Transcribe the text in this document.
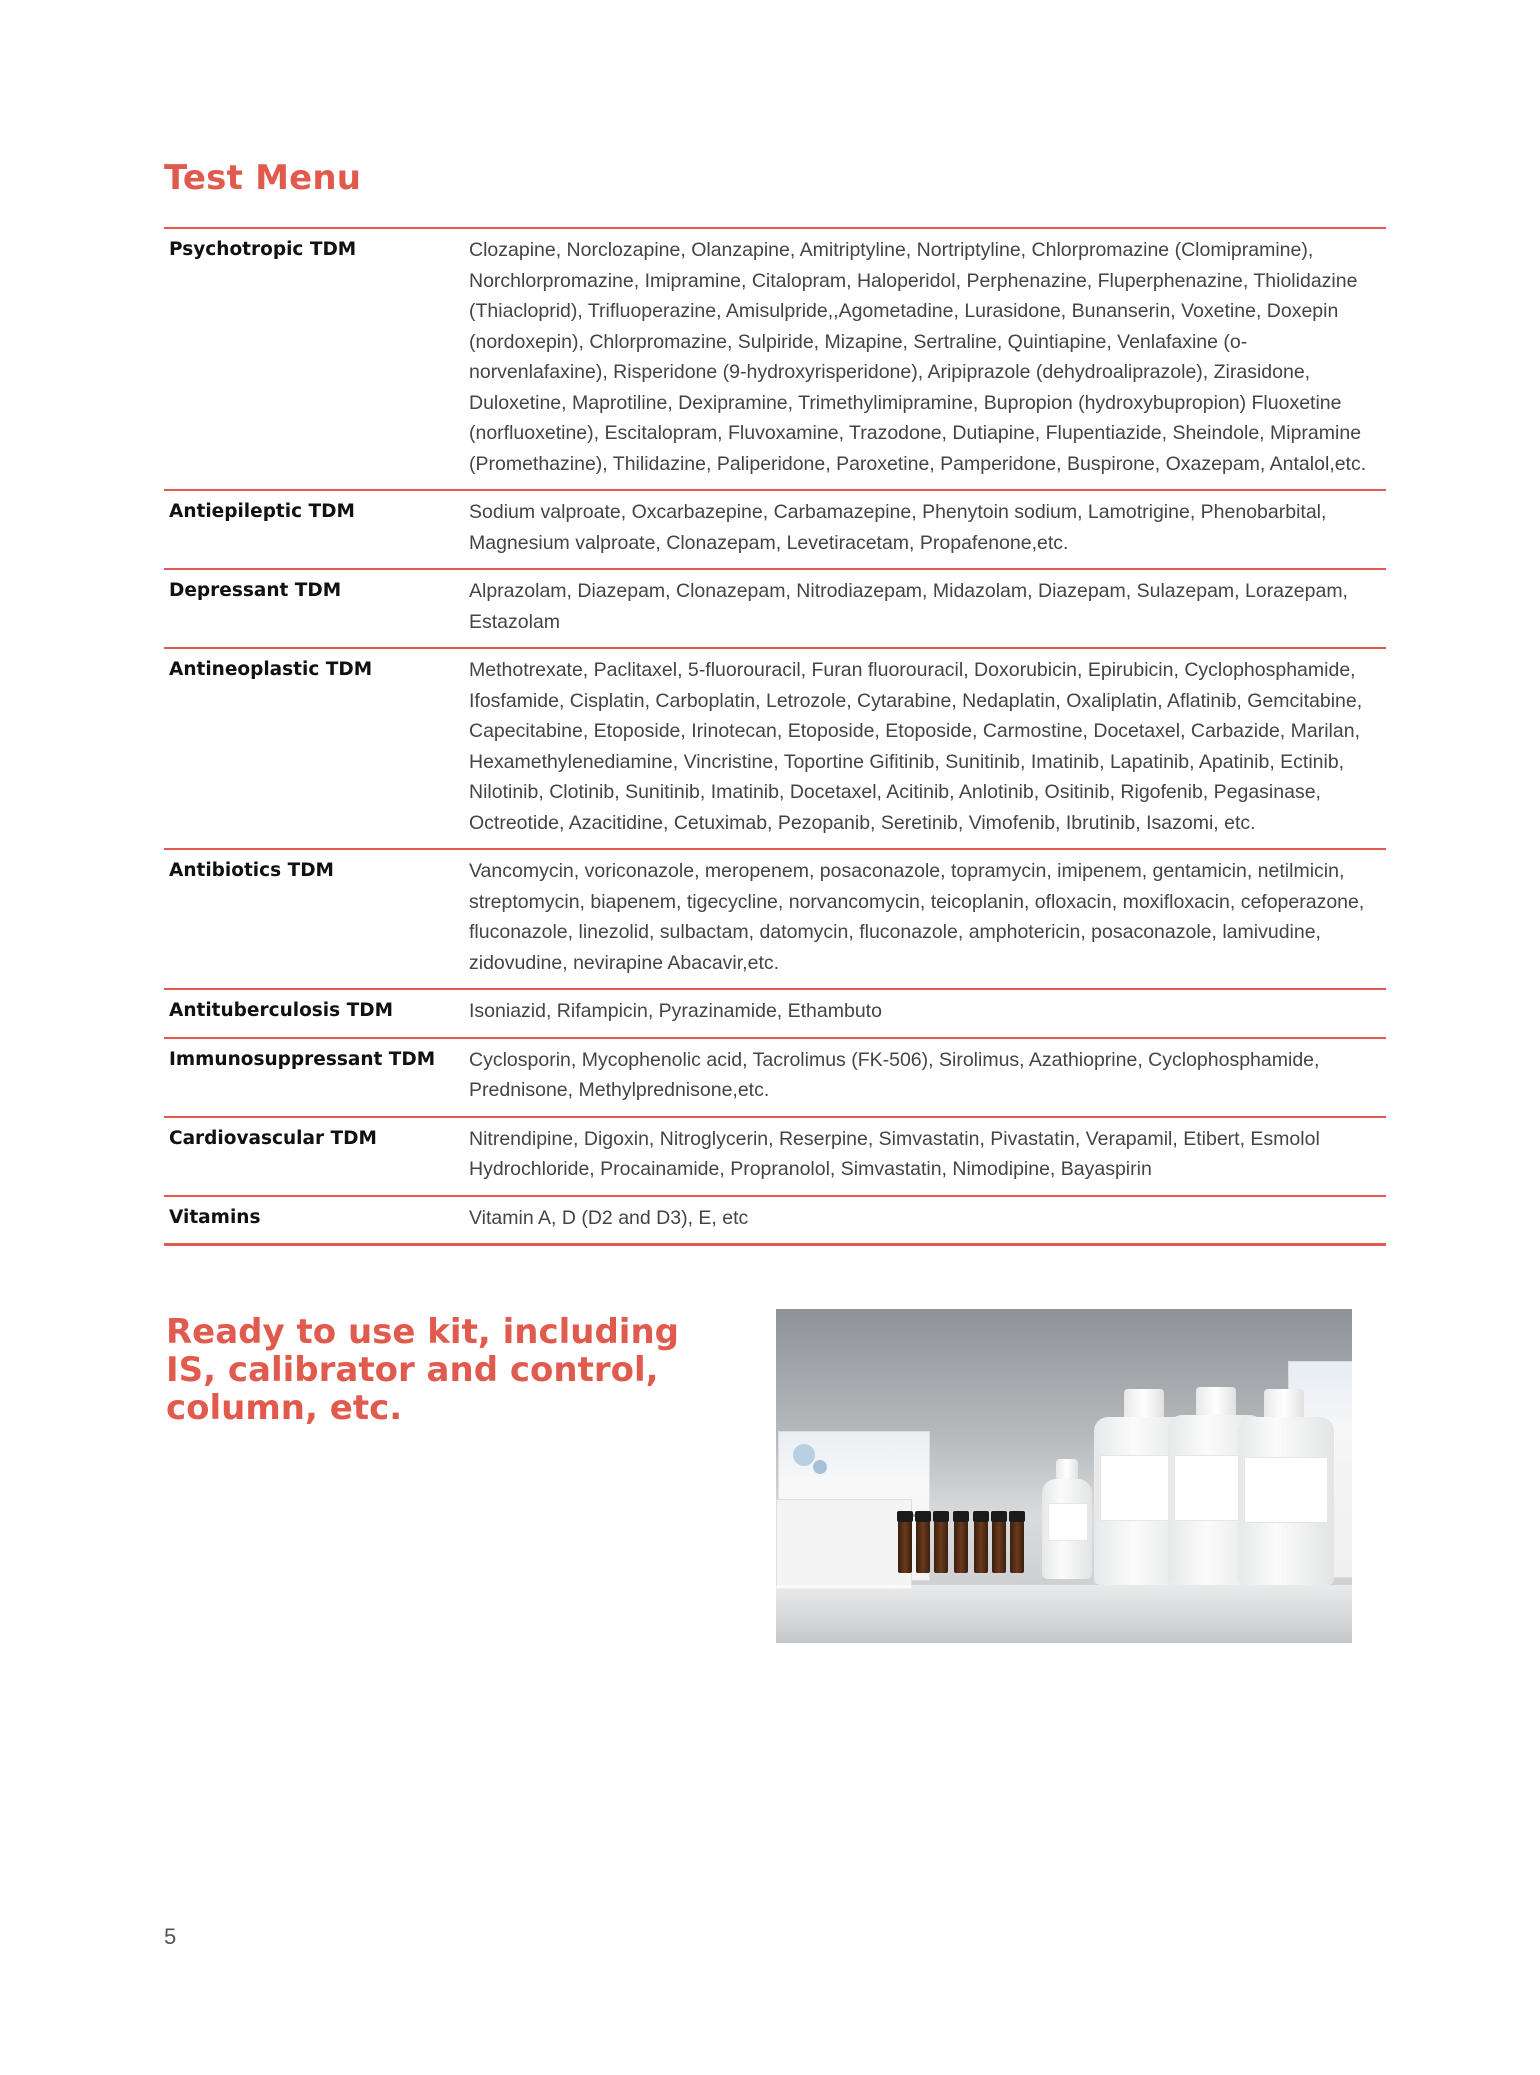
Test Menu
Psychotropic TDM	Clozapine, Norclozapine, Olanzapine, Amitriptyline, Nortriptyline, Chlorpromazine (Clomipramine), Norchlorpromazine, Imipramine, Citalopram, Haloperidol, Perphenazine, Fluperphenazine, Thiolidazine (Thiacloprid), Trifluoperazine, Amisulpride,,Agometadine, Lurasidone, Bunanserin, Voxetine, Doxepin (nordoxepin), Chlorpromazine, Sulpiride, Mizapine, Sertraline, Quintiapine, Venlafaxine (o-norvenlafaxine), Risperidone (9-hydroxyrisperidone), Aripiprazole (dehydroaliprazole), Zirasidone, Duloxetine, Maprotiline, Dexipramine, Trimethylimipramine, Bupropion (hydroxybupropion) Fluoxetine (norfluoxetine), Escitalopram, Fluvoxamine, Trazodone, Dutiapine, Flupentiazide, Sheindole, Mipramine (Promethazine), Thilidazine, Paliperidone, Paroxetine, Pamperidone, Buspirone, Oxazepam, Antalol,etc.
Antiepileptic TDM	Sodium valproate, Oxcarbazepine, Carbamazepine, Phenytoin sodium, Lamotrigine, Phenobarbital, Magnesium valproate, Clonazepam, Levetiracetam, Propafenone,etc.
Depressant TDM	Alprazolam, Diazepam, Clonazepam, Nitrodiazepam, Midazolam, Diazepam, Sulazepam, Lorazepam, Estazolam
Antineoplastic TDM	Methotrexate, Paclitaxel, 5-fluorouracil, Furan fluorouracil, Doxorubicin, Epirubicin, Cyclophosphamide, Ifosfamide, Cisplatin, Carboplatin, Letrozole, Cytarabine, Nedaplatin, Oxaliplatin, Aflatinib, Gemcitabine, Capecitabine, Etoposide, Irinotecan, Etoposide, Etoposide, Carmostine, Docetaxel, Carbazide, Marilan, Hexamethylenediamine, Vincristine, Toportine Gifitinib, Sunitinib, Imatinib, Lapatinib, Apatinib, Ectinib, Nilotinib, Clotinib, Sunitinib, Imatinib, Docetaxel, Acitinib, Anlotinib, Ositinib, Rigofenib, Pegasinase, Octreotide, Azacitidine, Cetuximab, Pezopanib, Seretinib, Vimofenib, Ibrutinib, Isazomi, etc.
Antibiotics TDM	Vancomycin, voriconazole, meropenem, posaconazole, topramycin, imipenem, gentamicin, netilmicin, streptomycin, biapenem, tigecycline, norvancomycin, teicoplanin, ofloxacin, moxifloxacin, cefoperazone, fluconazole, linezolid, sulbactam, datomycin, fluconazole, amphotericin, posaconazole, lamivudine, zidovudine, nevirapine Abacavir,etc.
Antituberculosis TDM	Isoniazid, Rifampicin, Pyrazinamide, Ethambuto
Immunosuppressant TDM	Cyclosporin, Mycophenolic acid, Tacrolimus (FK-506), Sirolimus, Azathioprine, Cyclophosphamide, Prednisone, Methylprednisone,etc.
Cardiovascular TDM	Nitrendipine, Digoxin, Nitroglycerin, Reserpine, Simvastatin, Pivastatin, Verapamil, Etibert, Esmolol Hydrochloride, Procainamide, Propranolol, Simvastatin, Nimodipine, Bayaspirin
Vitamins	Vitamin A, D (D2 and D3), E, etc
Ready to use kit, including
IS, calibrator and control,
column, etc.
5
